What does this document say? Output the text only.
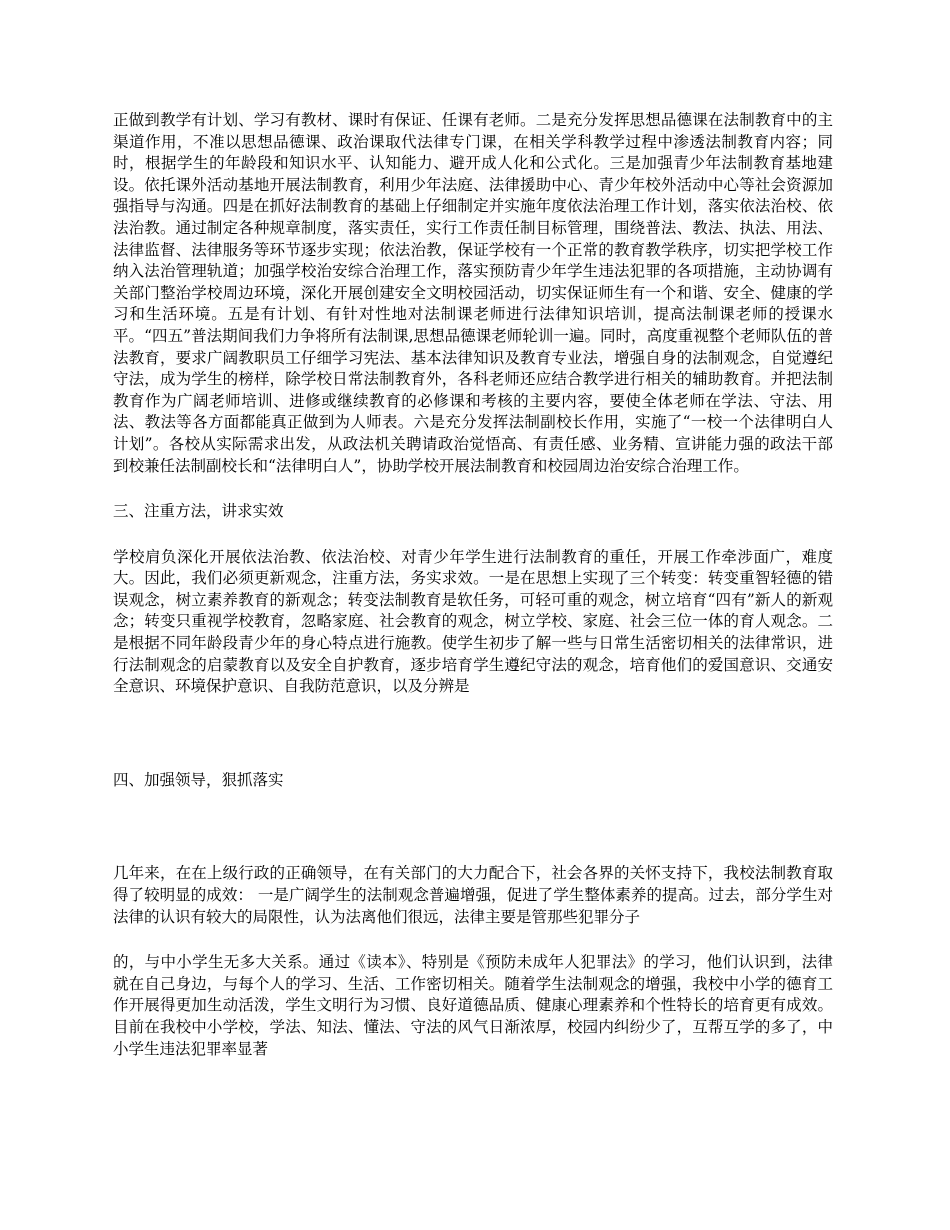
正做到教学有计划、学习有教材、课时有保证、任课有老师。二是充分发挥思想品德课在法制教育中的主渠道作用，不准以思想品德课、政治课取代法律专门课，在相关学科教学过程中渗透法制教育内容；同时，根据学生的年龄段和知识水平、认知能力、避开成人化和公式化。三是加强青少年法制教育基地建设。依托课外活动基地开展法制教育，利用少年法庭、法律援助中心、青少年校外活动中心等社会资源加强指导与沟通。四是在抓好法制教育的基础上仔细制定并实施年度依法治理工作计划，落实依法治校、依法治教。通过制定各种规章制度，落实责任，实行工作责任制目标管理，围绕普法、教法、执法、用法、法律监督、法律服务等环节逐步实现；依法治教，保证学校有一个正常的教育教学秩序，切实把学校工作纳入法治管理轨道；加强学校治安综合治理工作，落实预防青少年学生违法犯罪的各项措施，主动协调有关部门整治学校周边环境，深化开展创建安全文明校园活动，切实保证师生有一个和谐、安全、健康的学习和生活环境。五是有计划、有针对性地对法制课老师进行法律知识培训，提高法制课老师的授课水平。“四五”普法期间我们力争将所有法制课,思想品德课老师轮训一遍。同时，高度重视整个老师队伍的普法教育，要求广阔教职员工仔细学习宪法、基本法律知识及教育专业法，增强自身的法制观念，自觉遵纪守法，成为学生的榜样，除学校日常法制教育外，各科老师还应结合教学进行相关的辅助教育。并把法制教育作为广阔老师培训、进修或继续教育的必修课和考核的主要内容，要使全体老师在学法、守法、用法、教法等各方面都能真正做到为人师表。六是充分发挥法制副校长作用，实施了“一校一个法律明白人计划”。各校从实际需求出发，从政法机关聘请政治觉悟高、有责任感、业务精、宣讲能力强的政法干部到校兼任法制副校长和“法律明白人”，协助学校开展法制教育和校园周边治安综合治理工作。

三、注重方法，讲求实效

学校肩负深化开展依法治教、依法治校、对青少年学生进行法制教育的重任，开展工作牵涉面广，难度大。因此，我们必须更新观念，注重方法，务实求效。一是在思想上实现了三个转变：转变重智轻德的错误观念，树立素养教育的新观念；转变法制教育是软任务，可轻可重的观念，树立培育“四有”新人的新观念；转变只重视学校教育，忽略家庭、社会教育的观念，树立学校、家庭、社会三位一体的育人观念。二是根据不同年龄段青少年的身心特点进行施教。使学生初步了解一些与日常生活密切相关的法律常识，进行法制观念的启蒙教育以及安全自护教育，逐步培育学生遵纪守法的观念，培育他们的爱国意识、交通安全意识、环境保护意识、自我防范意识，以及分辨是

四、加强领导，狠抓落实

几年来，在在上级行政的正确领导，在有关部门的大力配合下，社会各界的关怀支持下，我校法制教育取得了较明显的成效： 一是广阔学生的法制观念普遍增强，促进了学生整体素养的提高。过去，部分学生对法律的认识有较大的局限性，认为法离他们很远，法律主要是管那些犯罪分子

的，与中小学生无多大关系。通过《读本》、特别是《预防未成年人犯罪法》的学习，他们认识到，法律就在自己身边，与每个人的学习、生活、工作密切相关。随着学生法制观念的增强，我校中小学的德育工作开展得更加生动活泼，学生文明行为习惯、良好道德品质、健康心理素养和个性特长的培育更有成效。目前在我校中小学校，学法、知法、懂法、守法的风气日渐浓厚，校园内纠纷少了，互帮互学的多了，中小学生违法犯罪率显著
